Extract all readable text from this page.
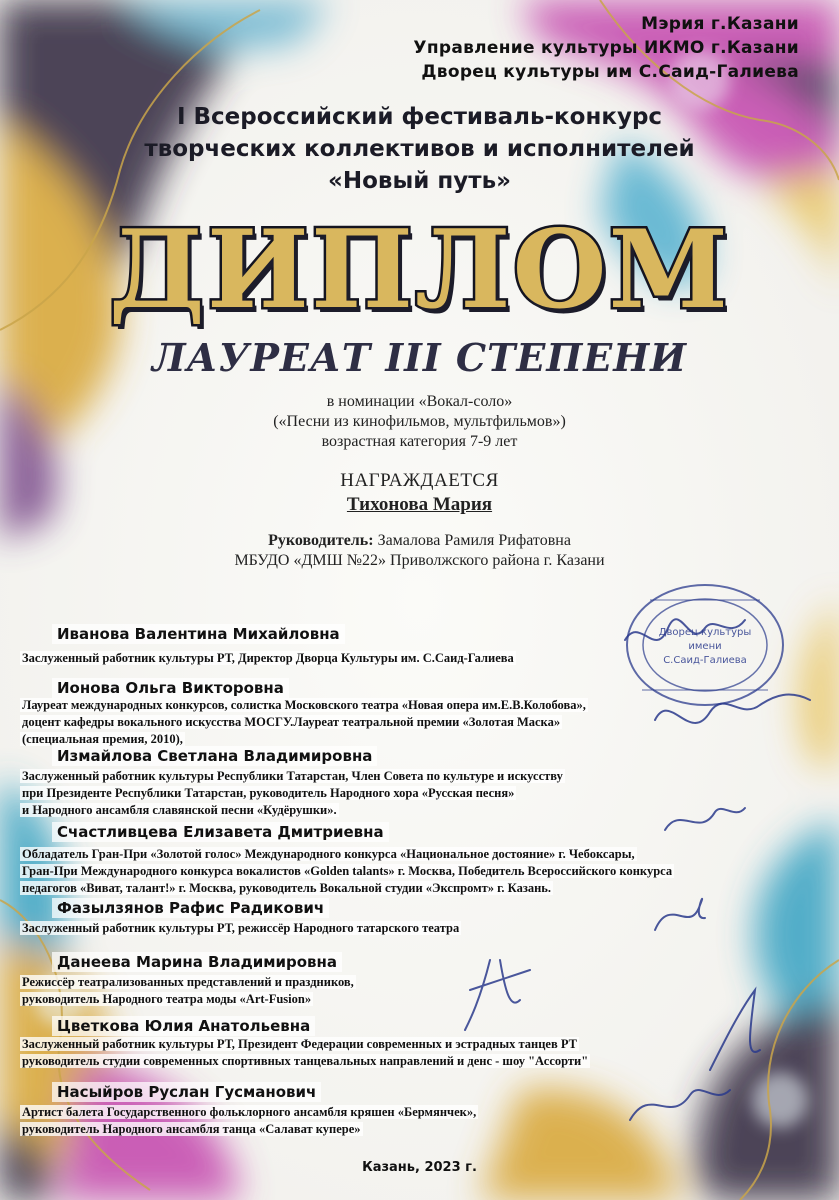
Мэрия г.Казани
Управление культуры ИКМО г.Казани
Дворец культуры им С.Саид-Галиева
I Всероссийский фестиваль-конкурс
творческих коллективов и исполнителей
«Новый путь»
ДИПЛОМ
ЛАУРЕАТ III СТЕПЕНИ
в номинации «Вокал-соло»
(«Песни из кинофильмов, мультфильмов»)
возрастная категория 7-9 лет
НАГРАЖДАЕТСЯ
Тихонова Мария
Руководитель: Замалова Рамиля Рифатовна
МБУДО «ДМШ №22» Приволжского района г. Казани
Дворец культуры
имени
С.Саид-Галиева
Иванова Валентина Михайловна
Заслуженный работник культуры РТ, Директор Дворца Культуры им. С.Саид-Галиева
Ионова Ольга Викторовна
Лауреат международных конкурсов, солистка Московского театра «Новая опера им.Е.В.Колобова»,
доцент кафедры вокального искусства МОСГУ.Лауреат театральной премии «Золотая Маска»
(специальная премия, 2010),
Измайлова Светлана Владимировна
Заслуженный работник культуры Республики Татарстан, Член Совета по культуре и искусству
при Президенте Республики Татарстан, руководитель Народного хора «Русская песня»
и Народного ансамбля славянской песни «Кудёрушки».
Счастливцева Елизавета Дмитриевна
Обладатель Гран-При «Золотой голос» Международного конкурса «Национальное достояние» г. Чебоксары,
Гран-При Международного конкурса вокалистов «Golden talants» г. Москва, Победитель Всероссийского конкурса
педагогов «Виват, талант!» г. Москва, руководитель Вокальной студии «Экспромт» г. Казань.
Фазылзянов Рафис Радикович
Заслуженный работник культуры РТ, режиссёр Народного татарского театра
Данеева Марина Владимировна
Режиссёр театрализованных представлений и праздников,
руководитель Народного театра моды «Art-Fusion»
Цветкова Юлия Анатольевна
Заслуженный работник культуры РТ, Президент Федерации современных и эстрадных танцев РТ
руководитель студии современных спортивных танцевальных направлений и денс - шоу "Ассорти"
Насыйров Руслан Гусманович
Артист балета Государственного фольклорного ансамбля кряшен «Бермянчек»,
руководитель Народного ансамбля танца «Салават купере»
Казань, 2023 г.
